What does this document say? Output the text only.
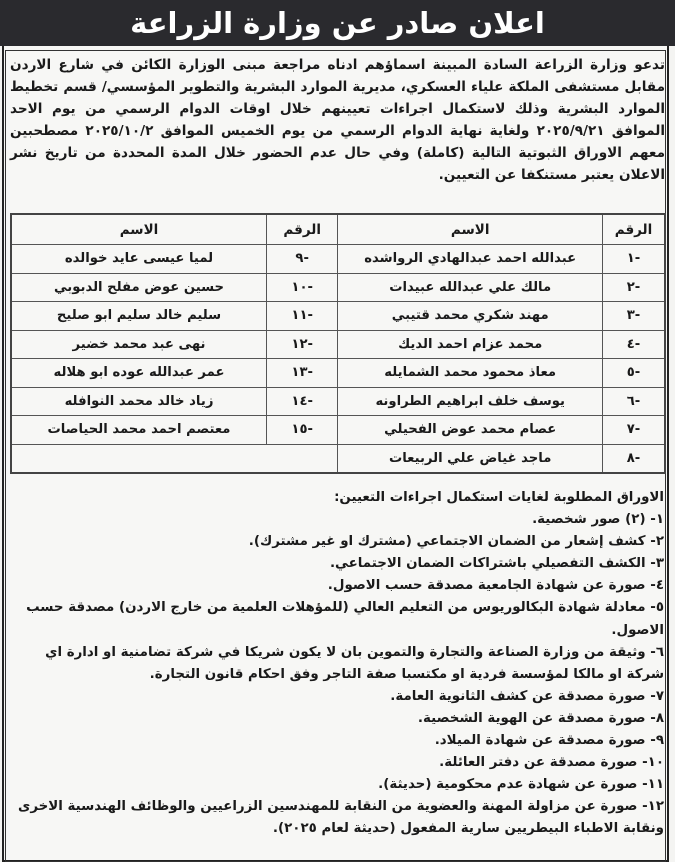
اعلان صادر عن وزارة الزراعة

تدعو وزارة الزراعة السادة المبينة اسماؤهم ادناه مراجعة مبنى الوزارة الكائن في شارع الاردن مقابل مستشفى الملكة علياء العسكري، مديرية الموارد البشرية والتطوير المؤسسي/ قسم تخطيط الموارد البشرية وذلك لاستكمال اجراءات تعيينهم خلال اوقات الدوام الرسمي من يوم الاحد الموافق ٢٠٢٥/٩/٢١ ولغاية نهاية الدوام الرسمي من يوم الخميس الموافق ٢٠٢٥/١٠/٢ مصطحبين معهم الاوراق الثبوتية التالية (كاملة) وفي حال عدم الحضور خلال المدة المحددة من تاريخ نشر الاعلان يعتبر مستنكفا عن التعيين.

الرقم	الاسم	الرقم	الاسم
-١	عبدالله احمد عبدالهادي الرواشده	-٩	لميا عيسى عايد خوالده
-٢	مالك علي عبدالله عبيدات	-١٠	حسين عوض مفلح الدبوبي
-٣	مهند شكري محمد قتيبي	-١١	سليم خالد سليم ابو صليح
-٤	محمد عزام احمد الديك	-١٢	نهى عبد محمد خضير
-٥	معاذ محمود محمد الشمايله	-١٣	عمر عبدالله عوده ابو هلاله
-٦	يوسف خلف ابراهيم الطراونه	-١٤	زياد خالد محمد النوافله
-٧	عصام محمد عوض الفحيلي	-١٥	معتصم احمد محمد الحياصات
-٨	ماجد غياض علي الربيعات		

الاوراق المطلوبة لغايات استكمال اجراءات التعيين:

١- (٢) صور شخصية.

٢- كشف إشعار من الضمان الاجتماعي (مشترك او غير مشترك).

٣- الكشف التفصيلي باشتراكات الضمان الاجتماعي.

٤- صورة عن شهادة الجامعية مصدقة حسب الاصول.

٥- معادلة شهادة البكالوريوس من التعليم العالي (للمؤهلات العلمية من خارج الاردن) مصدقة حسب الاصول.

٦- وثيقة من وزارة الصناعة والتجارة والتموين بان لا يكون شريكا في شركة تضامنية او ادارة اي شركة او مالكا لمؤسسة فردية او مكتسبا صفة التاجر وفق احكام قانون التجارة.

٧- صورة مصدقة عن كشف الثانوية العامة.

٨- صورة مصدقة عن الهوية الشخصية.

٩- صورة مصدقة عن شهادة الميلاد.

١٠- صورة مصدقة عن دفتر العائلة.

١١- صورة عن شهادة عدم محكومية (حديثة).

١٢- صورة عن مزاولة المهنة والعضوية من النقابة للمهندسين الزراعيين والوظائف الهندسية الاخرى ونقابة الاطباء البيطريين سارية المفعول (حديثة لعام ٢٠٢٥).
